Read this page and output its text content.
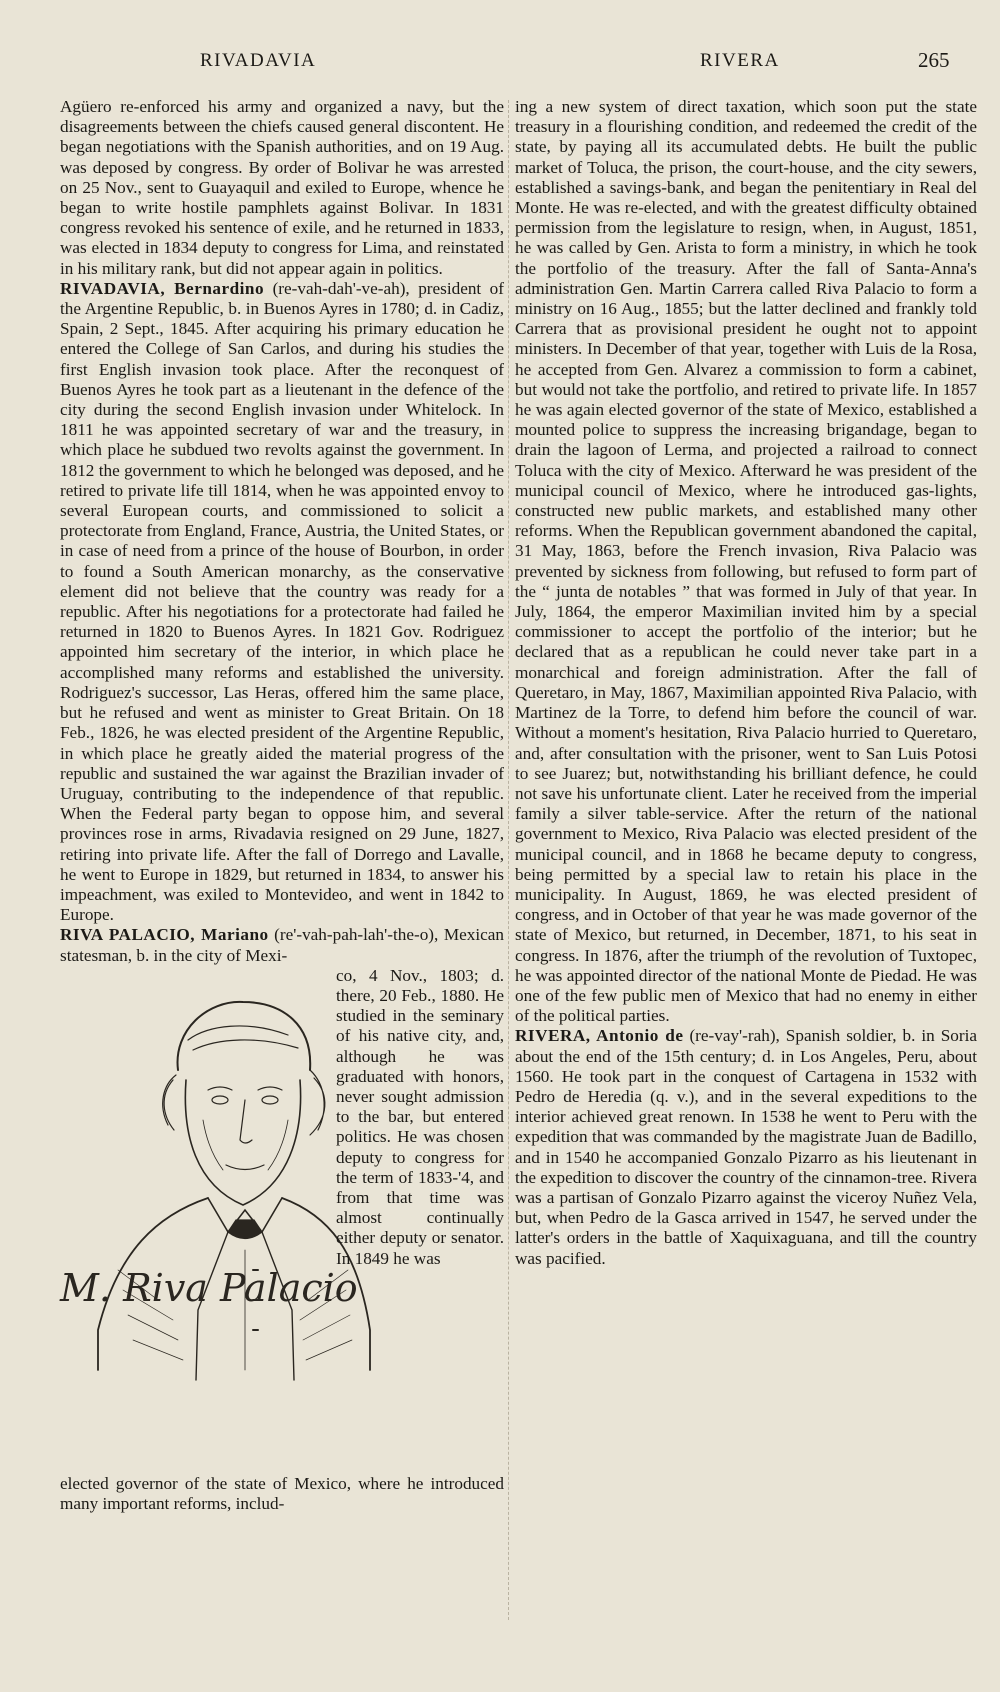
RIVADAVIA	RIVERA	265

Agüero re-enforced his army and organized a navy, but the disagreements between the chiefs caused general discontent. He began negotiations with the Spanish authorities, and on 19 Aug. was deposed by congress. By order of Bolivar he was arrested on 25 Nov., sent to Guayaquil and exiled to Europe, whence he began to write hostile pamphlets against Bolivar. In 1831 congress revoked his sentence of exile, and he returned in 1833, was elected in 1834 deputy to congress for Lima, and reinstated in his military rank, but did not appear again in politics.

RIVADAVIA, Bernardino (re-vah-dah'-ve-ah), president of the Argentine Republic, b. in Buenos Ayres in 1780; d. in Cadiz, Spain, 2 Sept., 1845. After acquiring his primary education he entered the College of San Carlos, and during his studies the first English invasion took place. After the reconquest of Buenos Ayres he took part as a lieutenant in the defence of the city during the second English invasion under Whitelock. In 1811 he was appointed secretary of war and the treasury, in which place he subdued two revolts against the government. In 1812 the government to which he belonged was deposed, and he retired to private life till 1814, when he was appointed envoy to several European courts, and commissioned to solicit a protectorate from England, France, Austria, the United States, or in case of need from a prince of the house of Bourbon, in order to found a South American monarchy, as the conservative element did not believe that the country was ready for a republic. After his negotiations for a protectorate had failed he returned in 1820 to Buenos Ayres. In 1821 Gov. Rodriguez appointed him secretary of the interior, in which place he accomplished many reforms and established the university. Rodriguez's successor, Las Heras, offered him the same place, but he refused and went as minister to Great Britain. On 18 Feb., 1826, he was elected president of the Argentine Republic, in which place he greatly aided the material progress of the republic and sustained the war against the Brazilian invader of Uruguay, contributing to the independence of that republic. When the Federal party began to oppose him, and several provinces rose in arms, Rivadavia resigned on 29 June, 1827, retiring into private life. After the fall of Dorrego and Lavalle, he went to Europe in 1829, but returned in 1834, to answer his impeachment, was exiled to Montevideo, and went in 1842 to Europe.

RIVA PALACIO, Mariano (re'-vah-pah-lah'-the-o), Mexican statesman, b. in the city of Mexi-

M. Riva Palacio

co, 4 Nov., 1803; d. there, 20 Feb., 1880. He studied in the seminary of his native city, and, although he was graduated with honors, never sought admission to the bar, but entered politics. He was chosen deputy to congress for the term of 1833-'4, and from that time was almost continually either deputy or senator. In 1849 he was

elected governor of the state of Mexico, where he introduced many important reforms, includ-

ing a new system of direct taxation, which soon put the state treasury in a flourishing condition, and redeemed the credit of the state, by paying all its accumulated debts. He built the public market of Toluca, the prison, the court-house, and the city sewers, established a savings-bank, and began the penitentiary in Real del Monte. He was re-elected, and with the greatest difficulty obtained permission from the legislature to resign, when, in August, 1851, he was called by Gen. Arista to form a ministry, in which he took the portfolio of the treasury. After the fall of Santa-Anna's administration Gen. Martin Carrera called Riva Palacio to form a ministry on 16 Aug., 1855; but the latter declined and frankly told Carrera that as provisional president he ought not to appoint ministers. In December of that year, together with Luis de la Rosa, he accepted from Gen. Alvarez a commission to form a cabinet, but would not take the portfolio, and retired to private life. In 1857 he was again elected governor of the state of Mexico, established a mounted police to suppress the increasing brigandage, began to drain the lagoon of Lerma, and projected a railroad to connect Toluca with the city of Mexico. Afterward he was president of the municipal council of Mexico, where he introduced gas-lights, constructed new public markets, and established many other reforms. When the Republican government abandoned the capital, 31 May, 1863, before the French invasion, Riva Palacio was prevented by sickness from following, but refused to form part of the “ junta de notables ” that was formed in July of that year. In July, 1864, the emperor Maximilian invited him by a special commissioner to accept the portfolio of the interior; but he declared that as a republican he could never take part in a monarchical and foreign administration. After the fall of Queretaro, in May, 1867, Maximilian appointed Riva Palacio, with Martinez de la Torre, to defend him before the council of war. Without a moment's hesitation, Riva Palacio hurried to Queretaro, and, after consultation with the prisoner, went to San Luis Potosi to see Juarez; but, notwithstanding his brilliant defence, he could not save his unfortunate client. Later he received from the imperial family a silver table-service. After the return of the national government to Mexico, Riva Palacio was elected president of the municipal council, and in 1868 he became deputy to congress, being permitted by a special law to retain his place in the municipality. In August, 1869, he was elected president of congress, and in October of that year he was made governor of the state of Mexico, but returned, in December, 1871, to his seat in congress. In 1876, after the triumph of the revolution of Tuxtopec, he was appointed director of the national Monte de Piedad. He was one of the few public men of Mexico that had no enemy in either of the political parties.

RIVERA, Antonio de (re-vay'-rah), Spanish soldier, b. in Soria about the end of the 15th century; d. in Los Angeles, Peru, about 1560. He took part in the conquest of Cartagena in 1532 with Pedro de Heredia (q. v.), and in the several expeditions to the interior achieved great renown. In 1538 he went to Peru with the expedition that was commanded by the magistrate Juan de Badillo, and in 1540 he accompanied Gonzalo Pizarro as his lieutenant in the expedition to discover the country of the cinnamon-tree. Rivera was a partisan of Gonzalo Pizarro against the viceroy Nuñez Vela, but, when Pedro de la Gasca arrived in 1547, he served under the latter's orders in the battle of Xaquixaguana, and till the country was pacified.
